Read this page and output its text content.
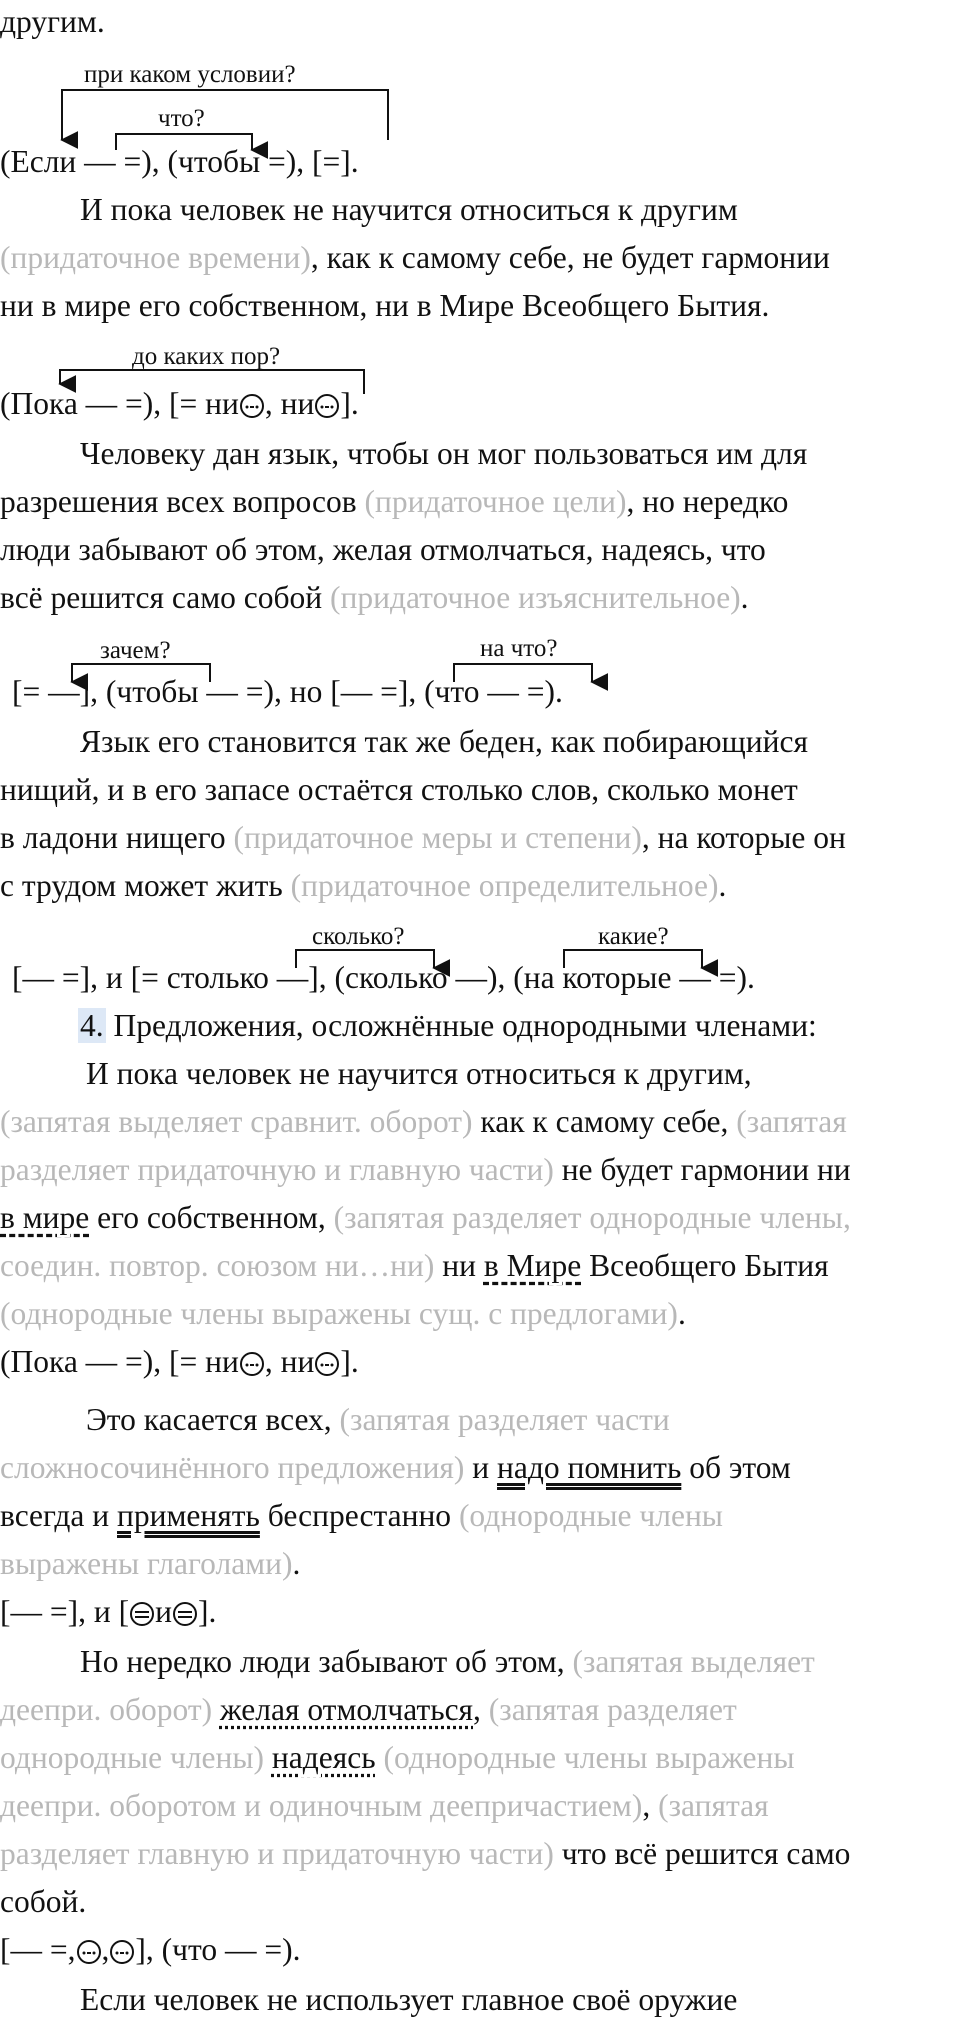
другим.
(Если — =), (чтобы =), [=].
И пока человек не научится относиться к другим
(придаточное времени), как к самому себе, не будет гармонии
ни в мире его собственном, ни в Мире Всеобщего Бытия.
(Пока — =), [= ни , ни ].
Человеку дан язык, чтобы он мог пользоваться им для
разрешения всех вопросов (придаточное цели), но нередко
люди забывают об этом, желая отмолчаться, надеясь, что
всё решится само собой (придаточное изъяснительное).
[= —], (чтобы — =), но [— =], (что — =).
Язык его становится так же беден, как побирающийся
нищий, и в его запасе остаётся столько слов, сколько монет
в ладони нищего (придаточное меры и степени), на которые он
с трудом может жить (придаточное определительное).
[— =], и [= столько —], (сколько —), (на которые — =).
4. Предложения, осложнённые однородными членами:
И пока человек не научится относиться к другим,
(запятая выделяет сравнит. оборот) как к самому себе, (запятая
разделяет придаточную и главную части) не будет гармонии ни
в мире его собственном, (запятая разделяет однородные члены,
соедин. повтор. союзом ни…ни) ни в Мире Всеобщего Бытия
(однородные члены выражены сущ. с предлогами).
(Пока — =), [= ни , ни ].
Это касается всех, (запятая разделяет части
сложносочинённого предложения) и надо помнить об этом
всегда и применять беспрестанно (однородные члены
выражены глаголами).
[— =], и [ и ].
Но нередко люди забывают об этом, (запятая выделяет
деепри. оборот) желая отмолчаться, (запятая разделяет
однородные члены) надеясь (однородные члены выражены
деепри. оборотом и одиночным деепричастием), (запятая
разделяет главную и придаточную части) что всё решится само
собой.
[— =, , ], (что — =).
Если человек не использует главное своё оружие
при каком условии?
что?
до каких пор?
зачем?	на что?
сколько?	какие?
